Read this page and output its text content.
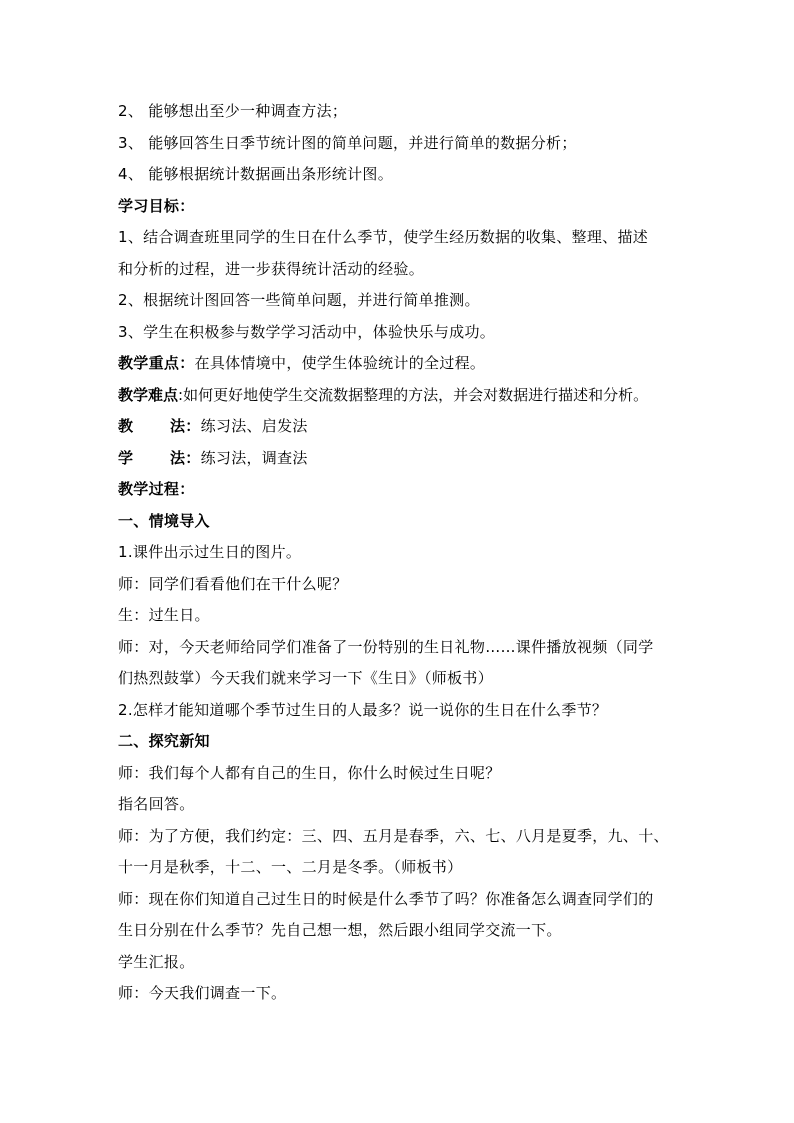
2、 能够想出至少一种调查方法；
3、 能够回答生日季节统计图的简单问题，并进行简单的数据分析；
4、 能够根据统计数据画出条形统计图。
学习目标：
1、结合调查班里同学的生日在什么季节，使学生经历数据的收集、整理、描述
和分析的过程，进一步获得统计活动的经验。
2、根据统计图回答一些简单问题，并进行简单推测。
3、学生在积极参与数学学习活动中，体验快乐与成功。
教学重点：在具体情境中，使学生体验统计的全过程。
教学难点:如何更好地使学生交流数据整理的方法，并会对数据进行描述和分析。
教 法：练习法、启发法
学 法：练习法，调查法
教学过程：
一、情境导入
1.课件出示过生日的图片。
师：同学们看看他们在干什么呢？
生：过生日。
师：对，今天老师给同学们准备了一份特别的生日礼物……课件播放视频（同学
们热烈鼓掌）今天我们就来学习一下《生日》（师板书）
2.怎样才能知道哪个季节过生日的人最多？说一说你的生日在什么季节？
二、探究新知
师：我们每个人都有自己的生日，你什么时候过生日呢？
指名回答。
师：为了方便，我们约定：三、四、五月是春季，六、七、八月是夏季，九、十、
十一月是秋季，十二、一、二月是冬季。（师板书）
师：现在你们知道自己过生日的时候是什么季节了吗？你准备怎么调查同学们的
生日分别在什么季节？先自己想一想，然后跟小组同学交流一下。
学生汇报。
师：今天我们调查一下。
